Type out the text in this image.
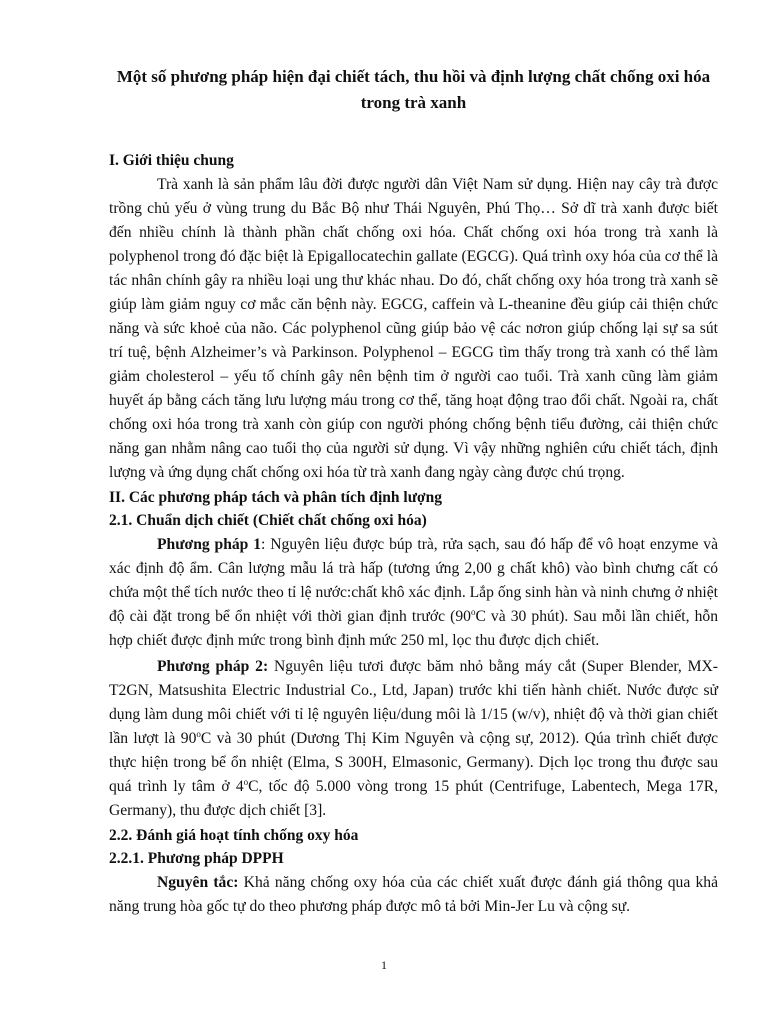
Một số phương pháp hiện đại chiết tách, thu hồi và định lượng chất chống oxi hóa trong trà xanh
I. Giới thiệu chung

Trà xanh là sản phẩm lâu đời được người dân Việt Nam sử dụng. Hiện nay cây trà được trồng chủ yếu ở vùng trung du Bắc Bộ như Thái Nguyên, Phú Thọ… Sở dĩ trà xanh được biết đến nhiều chính là thành phần chất chống oxi hóa. Chất chống oxi hóa trong trà xanh là polyphenol trong đó đặc biệt là Epigallocatechin gallate (EGCG). Quá trình oxy hóa của cơ thể là tác nhân chính gây ra nhiều loại ung thư khác nhau. Do đó, chất chống oxy hóa trong trà xanh sẽ giúp làm giảm nguy cơ mắc căn bệnh này. EGCG, caffein và L-theanine đều giúp cải thiện chức năng và sức khoẻ của não. Các polyphenol cũng giúp bảo vệ các nơron giúp chống lại sự sa sút trí tuệ, bệnh Alzheimer’s và Parkinson. Polyphenol – EGCG tìm thấy trong trà xanh có thể làm giảm cholesterol – yếu tố chính gây nên bệnh tim ở người cao tuổi. Trà xanh cũng làm giảm huyết áp bằng cách tăng lưu lượng máu trong cơ thể, tăng hoạt động trao đổi chất. Ngoài ra, chất chống oxi hóa trong trà xanh còn giúp con người phóng chống bệnh tiểu đường, cải thiện chức năng gan nhằm nâng cao tuổi thọ của người sử dụng. Vì vậy những nghiên cứu chiết tách, định lượng và ứng dụng chất chống oxi hóa từ trà xanh đang ngày càng được chú trọng.

II. Các phương pháp tách và phân tích định lượng
2.1. Chuẩn dịch chiết (Chiết chất chống oxi hóa)

Phương pháp 1: Nguyên liệu được búp trà, rửa sạch, sau đó hấp để vô hoạt enzyme và xác định độ ẩm. Cân lượng mẫu lá trà hấp (tương ứng 2,00 g chất khô) vào bình chưng cất có chứa một thể tích nước theo tỉ lệ nước:chất khô xác định. Lắp ống sinh hàn và ninh chưng ở nhiệt độ cài đặt trong bể ổn nhiệt với thời gian định trước (90$^o$C và 30 phút). Sau mỗi lần chiết, hỗn hợp chiết được định mức trong bình định mức 250 ml, lọc thu được dịch chiết.

Phương pháp 2: Nguyên liệu tươi được băm nhỏ bằng máy cắt (Super Blender, MX-T2GN, Matsushita Electric Industrial Co., Ltd, Japan) trước khi tiến hành chiết. Nước được sử dụng làm dung môi chiết với tỉ lệ nguyên liệu/dung môi là 1/15 (w/v), nhiệt độ và thời gian chiết lần lượt là 90$^o$C và 30 phút (Dương Thị Kim Nguyên và cộng sự, 2012). Qúa trình chiết được thực hiện trong bể ổn nhiệt (Elma, S 300H, Elmasonic, Germany). Dịch lọc trong thu được sau quá trình ly tâm ở 4$^o$C, tốc độ 5.000 vòng trong 15 phút (Centrifuge, Labentech, Mega 17R, Germany), thu được dịch chiết [3].

2.2. Đánh giá hoạt tính chống oxy hóa
2.2.1. Phương pháp DPPH

Nguyên tắc: Khả năng chống oxy hóa của các chiết xuất được đánh giá thông qua khả năng trung hòa gốc tự do theo phương pháp được mô tả bởi Min-Jer Lu và cộng sự.

1
